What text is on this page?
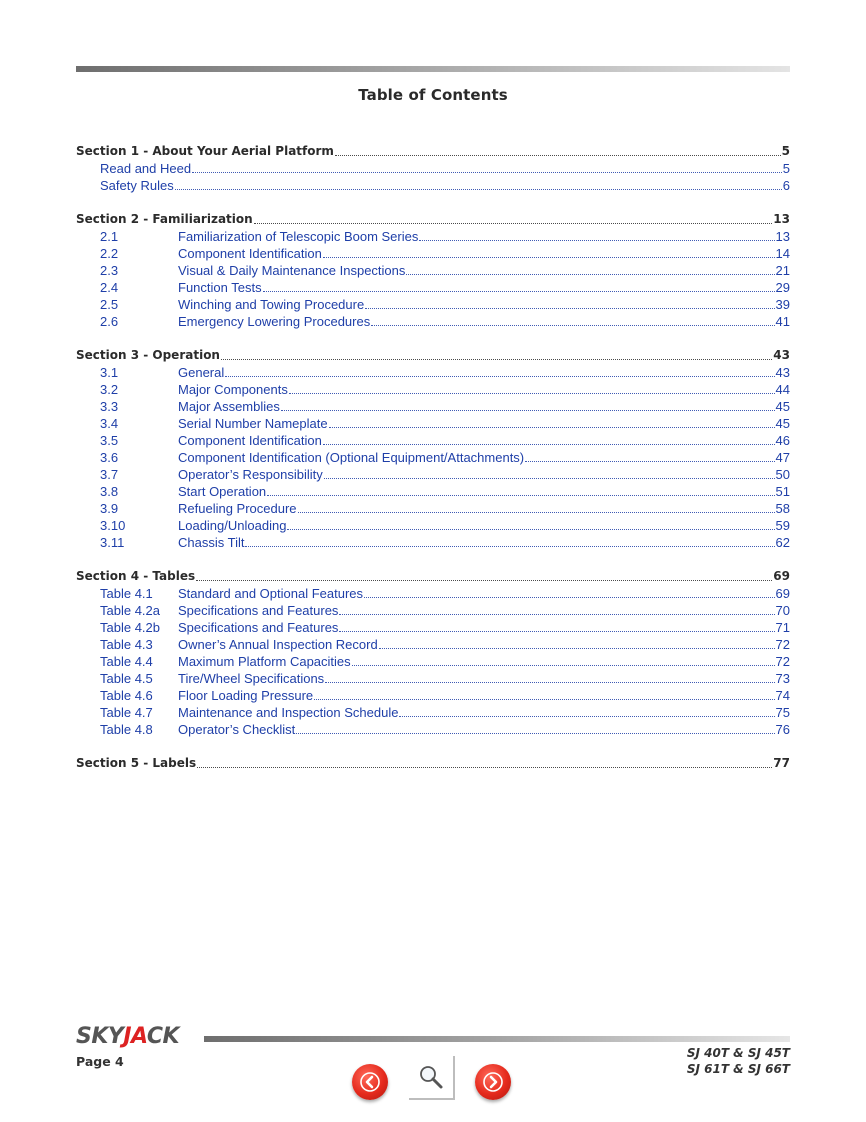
Table of Contents
Section 1 - About Your Aerial Platform	5
Read and Heed	5
Safety Rules	6
Section 2 - Familiarization	13
2.1	Familiarization of Telescopic Boom Series	13
2.2	Component Identification	14
2.3	Visual & Daily Maintenance Inspections	21
2.4	Function Tests	29
2.5	Winching and Towing Procedure	39
2.6	Emergency Lowering Procedures	41
Section 3 - Operation	43
3.1	General	43
3.2	Major Components	44
3.3	Major Assemblies	45
3.4	Serial Number Nameplate	45
3.5	Component Identification	46
3.6	Component Identification (Optional Equipment/Attachments)	47
3.7	Operator’s Responsibility	50
3.8	Start Operation	51
3.9	Refueling Procedure	58
3.10	Loading/Unloading	59
3.11	Chassis Tilt	62
Section 4 - Tables	69
Table 4.1	Standard and Optional Features	69
Table 4.2a	Specifications and Features	70
Table 4.2b	Specifications and Features	71
Table 4.3	Owner’s Annual Inspection Record	72
Table 4.4	Maximum Platform Capacities	72
Table 4.5	Tire/Wheel Specifications	73
Table 4.6	Floor Loading Pressure	74
Table 4.7	Maintenance and Inspection Schedule	75
Table 4.8	Operator’s Checklist	76
Section 5 - Labels	77
SKYJACK
Page 4
SJ 40T & SJ 45T
SJ 61T & SJ 66T
